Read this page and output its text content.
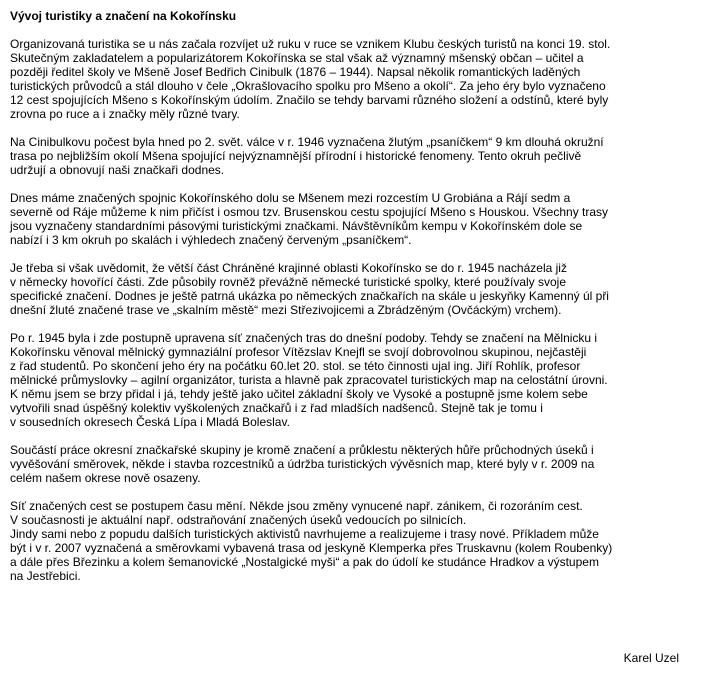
Vývoj turistiky a značení na Kokořínsku
Organizovaná turistika se u nás začala rozvíjet už ruku v ruce se vznikem Klubu českých turistů na konci 19. stol.
Skutečným zakladatelem a popularizátorem Kokořínska se stal však až významný mšenský občan – učitel a
později ředitel školy ve Mšeně Josef Bedřich Cinibulk (1876 – 1944). Napsal několik romantických laděných
turistických průvodců a stál dlouho v čele „Okrašlovacího spolku pro Mšeno a okolí“. Za jeho éry bylo vyznačeno
12 cest spojujících Mšeno s Kokořínským údolím. Značilo se tehdy barvami různého složení a odstínů, které byly
zrovna po ruce a i značky měly různé tvary.
Na Cinibulkovu počest byla hned po 2. svět. válce v r. 1946 vyznačena žlutým „psaníčkem“ 9 km dlouhá okružní
trasa po nejbližším okolí Mšena spojující nejvýznamnější přírodní i historické fenomeny. Tento okruh pečlivě
udržují a obnovují naši značkaři dodnes.
Dnes máme značených spojnic Kokořínského dolu se Mšenem mezi rozcestím U Grobiána a Rájí sedm a
severně od Ráje můžeme k nim přičíst i osmou tzv. Brusenskou cestu spojující Mšeno s Houskou. Všechny trasy
jsou vyznačeny standardními pásovými turistickými značkami. Návštěvníkům kempu v Kokořínském dole se
nabízí i 3 km okruh po skalách i výhledech značený červeným „psaníčkem“.
Je třeba si však uvědomit, že větší část Chráněné krajinné oblasti Kokořínsko se do r. 1945 nacházela již
v německy hovořící části. Zde působily rovněž převážně německé turistické spolky, které používaly svoje
specifické značení. Dodnes je ještě patrná ukázka po německých značkařích na skále u jeskyňky Kamenný úl při
dnešní žluté značené trase ve „skalním městě“ mezi Střezivojicemi a Zbrádzěným (Ovčáckým) vrchem).
Po r. 1945 byla i zde postupně upravena síť značených tras do dnešní podoby. Tehdy se značení na Mělnicku i
Kokořínsku věnoval mělnický gymnaziální profesor Vítězslav Knejfl se svojí dobrovolnou skupinou, nejčastěji
z řad studentů. Po skončení jeho éry na počátku 60.let 20. stol. se této činnosti ujal ing. Jiří Rohlík, profesor
mělnické průmyslovky – agilní organizátor, turista a hlavně pak zpracovatel turistických map na celostátní úrovni.
K němu jsem se brzy přidal i já, tehdy ještě jako učitel základní školy ve Vysoké a postupně jsme kolem sebe
vytvořili snad úspěšný kolektiv vyškolených značkařů i z řad mladších nadšenců. Stejně tak je tomu i
v sousedních okresech Česká Lípa i Mladá Boleslav.
Součástí práce okresní značkařské skupiny je kromě značení a průklestu některých hůře průchodných úseků i
vyvěšování směrovek, někde i stavba rozcestníků a údržba turistických vývěsních map, které byly v r. 2009 na
celém našem okrese nově osazeny.
Síť značených cest se postupem času mění. Někde jsou změny vynucené např. zánikem, či rozoráním cest.
V současnosti je aktuální např. odstraňování značených úseků vedoucích po silnicích.
Jindy sami nebo z popudu dalších turistických aktivistů navrhujeme a realizujeme i trasy nové. Příkladem může
být i v r. 2007 vyznačená a směrovkami vybavená trasa od jeskyně Klemperka přes Truskavnu (kolem Roubenky)
a dále přes Březinku a kolem šemanovické „Nostalgické myši“ a pak do údolí ke studánce Hradkov a výstupem
na Jestřebici.
Karel Uzel
